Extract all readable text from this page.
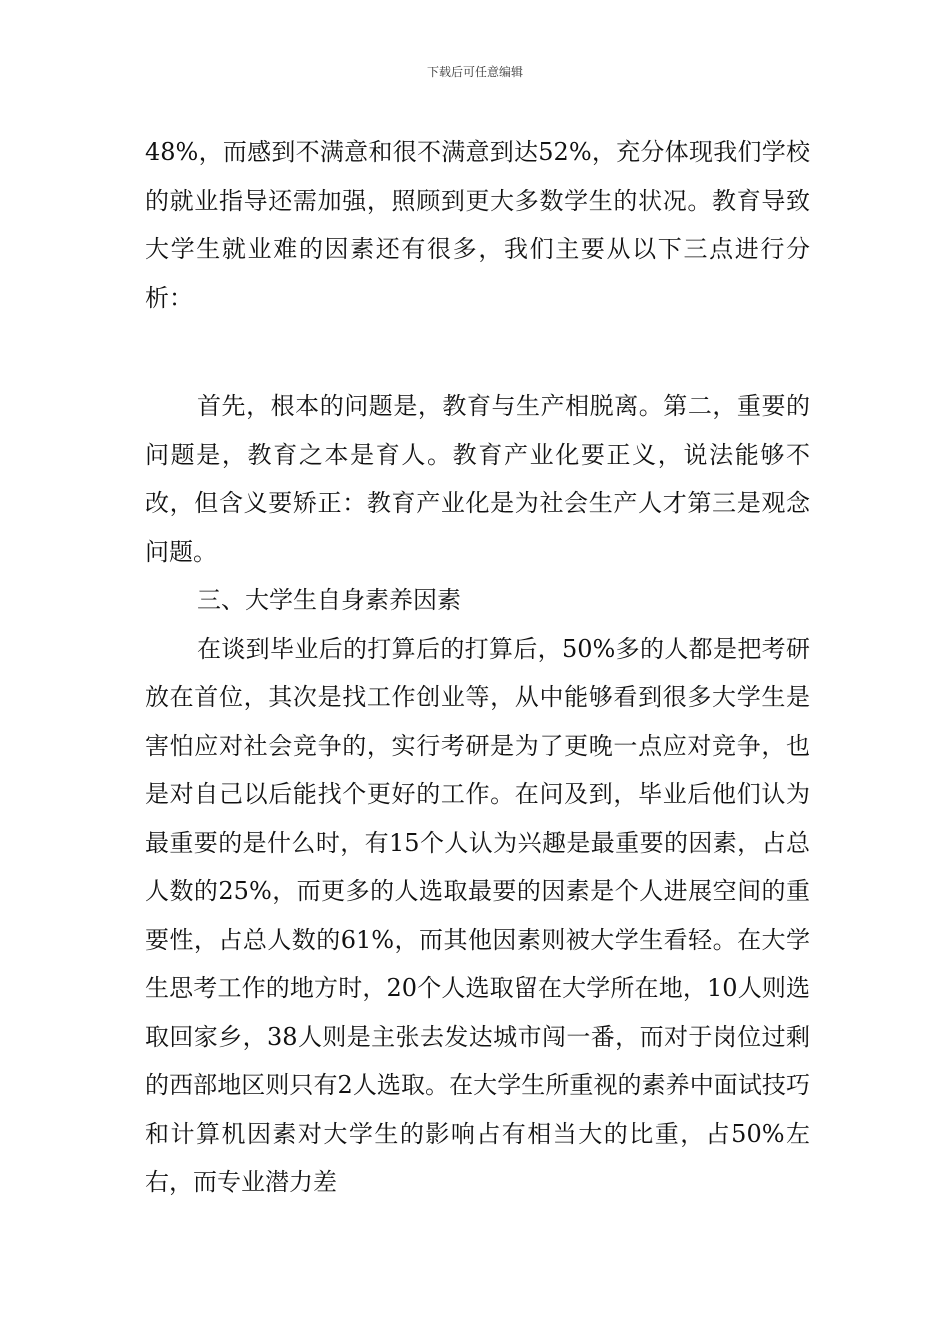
下载后可任意编辑

48%，而感到不满意和很不满意到达52%，充分体现我们学校的就业指导还需加强，照顾到更大多数学生的状况。教育导致大学生就业难的因素还有很多，我们主要从以下三点进行分析：

首先，根本的问题是，教育与生产相脱离。第二，重要的问题是，教育之本是育人。教育产业化要正义，说法能够不改，但含义要矫正：教育产业化是为社会生产人才第三是观念问题。

三、大学生自身素养因素

在谈到毕业后的打算后的打算后，50%多的人都是把考研放在首位，其次是找工作创业等，从中能够看到很多大学生是害怕应对社会竞争的，实行考研是为了更晚一点应对竞争，也是对自己以后能找个更好的工作。在问及到，毕业后他们认为最重要的是什么时，有15个人认为兴趣是最重要的因素，占总人数的25%，而更多的人选取最要的因素是个人进展空间的重要性，占总人数的61%，而其他因素则被大学生看轻。在大学生思考工作的地方时，20个人选取留在大学所在地，10人则选取回家乡，38人则是主张去发达城市闯一番，而对于岗位过剩的西部地区则只有2人选取。在大学生所重视的素养中面试技巧和计算机因素对大学生的影响占有相当大的比重，占50%左右，而专业潜力差
